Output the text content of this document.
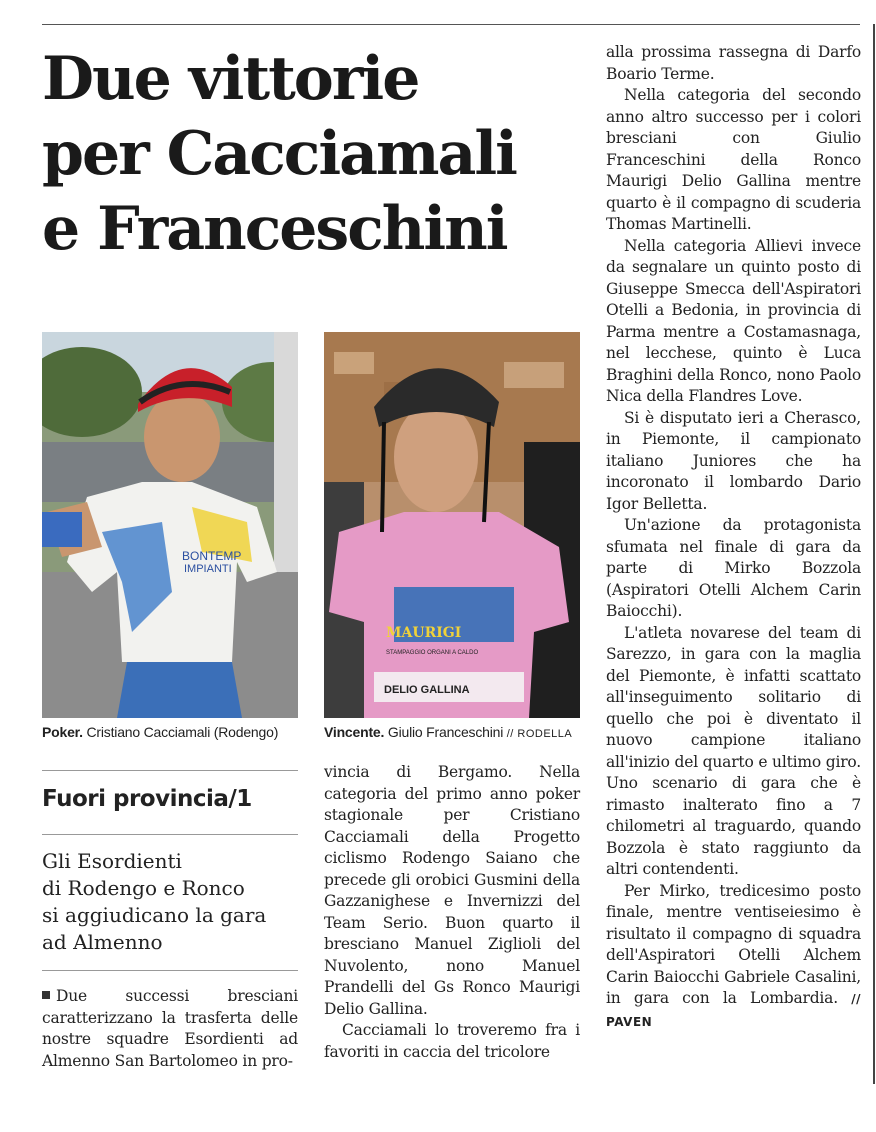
Due vittorie
per Cacciamali
e Franceschini
BONTEMP
IMPIANTI
Poker. Cristiano Cacciamali (Rodengo)
MAURIGI
STAMPAGGIO ORGANI A CALDO
DELIO GALLINA
Vincente. Giulio Franceschini // RODELLA
Fuori provincia/1

Gli Esordienti
di Rodengo e Ronco
si aggiudicano la gara
ad Almenno

Due successi bresciani caratterizzano la trasferta delle nostre squadre Esordienti ad Almenno San Bartolomeo in pro-

vincia di Bergamo. Nella categoria del primo anno poker stagionale per Cristiano Cacciamali della Progetto ciclismo Rodengo Saiano che precede gli orobici Gusmini della Gazzanighese e Invernizzi del Team Serio. Buon quarto il bresciano Manuel Ziglioli del Nuvolento, nono Manuel Prandelli del Gs Ronco Maurigi Delio Gallina.

Cacciamali lo troveremo fra i favoriti in caccia del tricolore

alla prossima rassegna di Darfo Boario Terme.

Nella categoria del secondo anno altro successo per i colori bresciani con Giulio Franceschini della Ronco Maurigi Delio Gallina mentre quarto è il compagno di scuderia Thomas Martinelli.

Nella categoria Allievi invece da segnalare un quinto posto di Giuseppe Smecca dell'Aspiratori Otelli a Bedonia, in provincia di Parma mentre a Costamasnaga, nel lecchese, quinto è Luca Braghini della Ronco, nono Paolo Nica della Flandres Love.

Si è disputato ieri a Cherasco, in Piemonte, il campionato italiano Juniores che ha incoronato il lombardo Dario Igor Belletta.

Un'azione da protagonista sfumata nel finale di gara da parte di Mirko Bozzola (Aspiratori Otelli Alchem Carin Baiocchi).

L'atleta novarese del team di Sarezzo, in gara con la maglia del Piemonte, è infatti scattato all'inseguimento solitario di quello che poi è diventato il nuovo campione italiano all'inizio del quarto e ultimo giro. Uno scenario di gara che è rimasto inalterato fino a 7 chilometri al traguardo, quando Bozzola è stato raggiunto da altri contendenti.

Per Mirko, tredicesimo posto finale, mentre ventiseiesimo è risultato il compagno di squadra dell'Aspiratori Otelli Alchem Carin Baiocchi Gabriele Casalini, in gara con la Lombardia. // PAVEN
